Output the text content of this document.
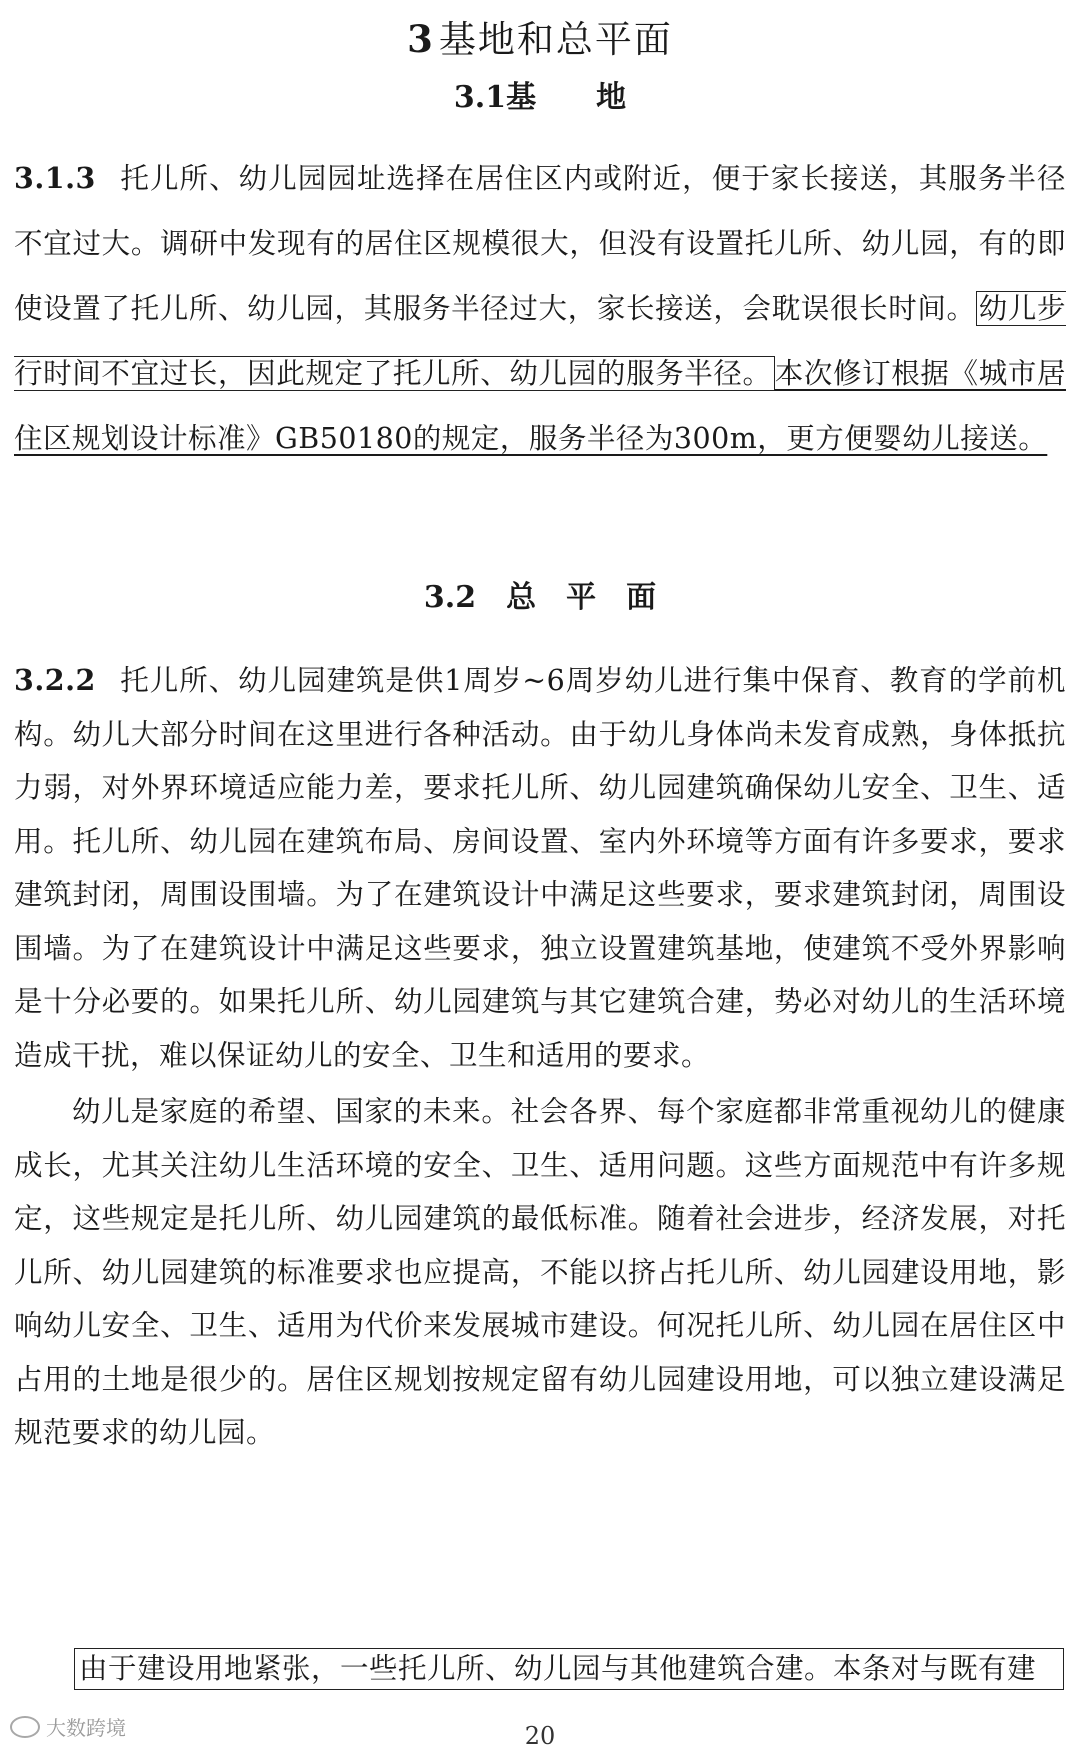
3 基地和总平面
3.1基　　地
3.1.3 托儿所、幼儿园园址选择在居住区内或附近，便于家长接送，其服务半径不宜过大。调研中发现有的居住区规模很大，但没有设置托儿所、幼儿园，有的即使设置了托儿所、幼儿园，其服务半径过大，家长接送，会耽误很长时间。 幼儿步行时间不宜过长，因此规定了托儿所、幼儿园的服务半径。 本次修订根据《城市居住区规划设计标准》GB50180的规定，服务半径为300m，更方便婴幼儿接送。
3.2　总　平　面
3.2.2 托儿所、幼儿园建筑是供1周岁~6周岁幼儿进行集中保育、教育的学前机构。幼儿大部分时间在这里进行各种活动。由于幼儿身体尚未发育成熟，身体抵抗力弱，对外界环境适应能力差，要求托儿所、幼儿园建筑确保幼儿安全、卫生、适用。托儿所、幼儿园在建筑布局、房间设置、室内外环境等方面有许多要求，要求建筑封闭，周围设围墙。为了在建筑设计中满足这些要求，要求建筑封闭，周围设围墙。为了在建筑设计中满足这些要求，独立设置建筑基地，使建筑不受外界影响是十分必要的。如果托儿所、幼儿园建筑与其它建筑合建，势必对幼儿的生活环境造成干扰，难以保证幼儿的安全、卫生和适用的要求。
幼儿是家庭的希望、国家的未来。社会各界、每个家庭都非常重视幼儿的健康成长，尤其关注幼儿生活环境的安全、卫生、适用问题。这些方面规范中有许多规定，这些规定是托儿所、幼儿园建筑的最低标准。随着社会进步，经济发展，对托儿所、幼儿园建筑的标准要求也应提高，不能以挤占托儿所、幼儿园建设用地，影响幼儿安全、卫生、适用为代价来发展城市建设。何况托儿所、幼儿园在居住区中占用的土地是很少的。居住区规划按规定留有幼儿园建设用地，可以独立建设满足规范要求的幼儿园。
由于建设用地紧张，一些托儿所、幼儿园与其他建筑合建。本条对与既有建
大数跨境	20
